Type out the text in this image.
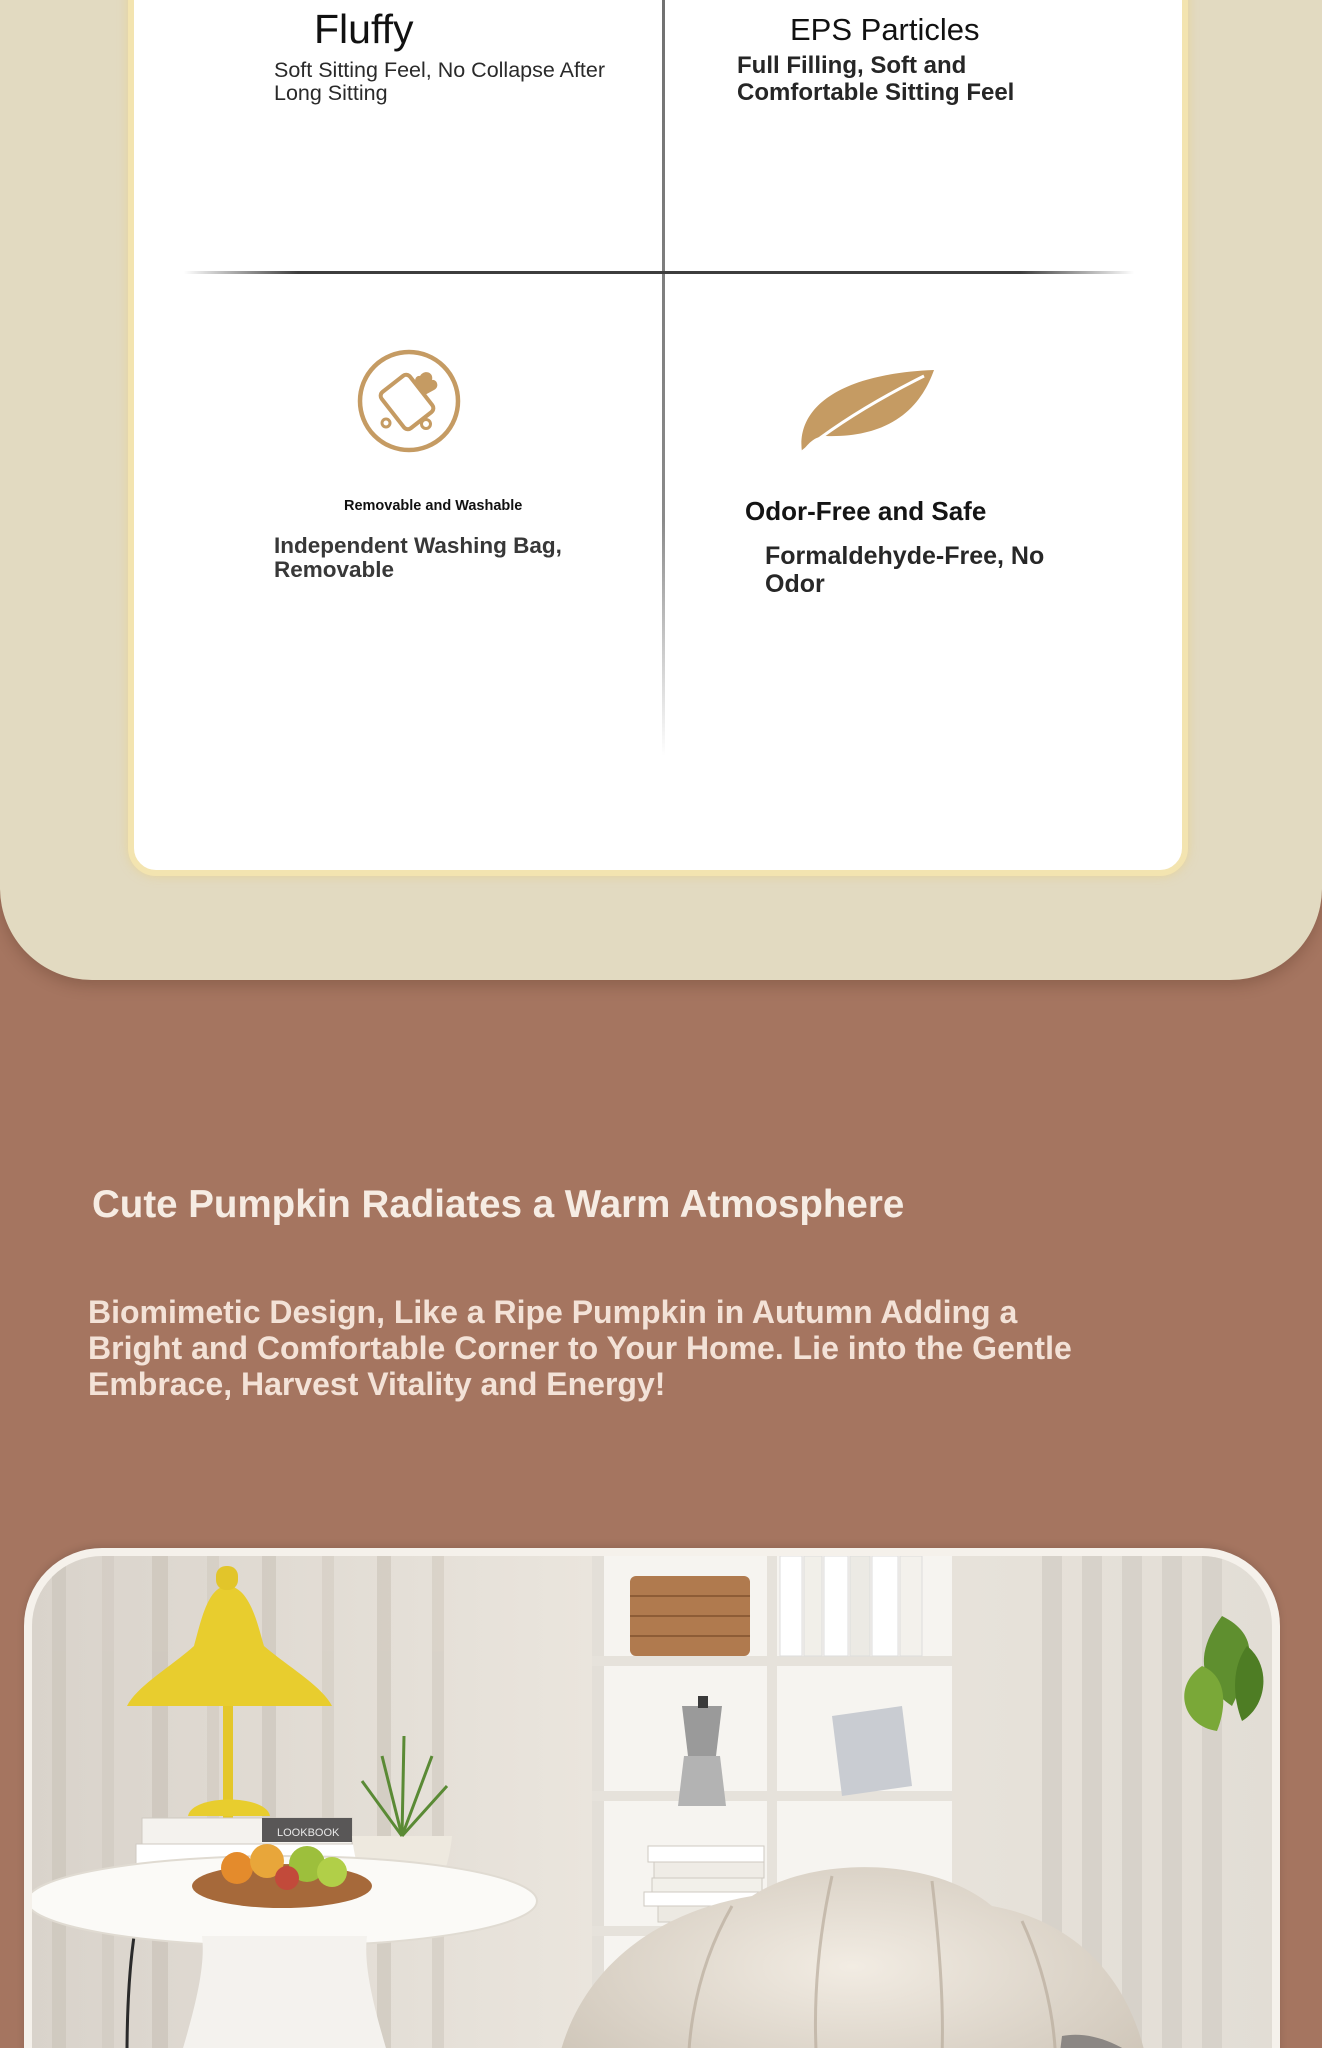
Fluffy
Soft Sitting Feel, No Collapse After Long Sitting
EPS Particles
Full Filling, Soft and Comfortable Sitting Feel
Removable and Washable
Independent Washing Bag, Removable
Odor-Free and Safe
Formaldehyde-Free, No Odor
Cute Pumpkin Radiates a Warm Atmosphere
Biomimetic Design, Like a Ripe Pumpkin in Autumn Adding a Bright and Comfortable Corner to Your Home. Lie into the Gentle Embrace, Harvest Vitality and Energy!
LOOKBOOK
